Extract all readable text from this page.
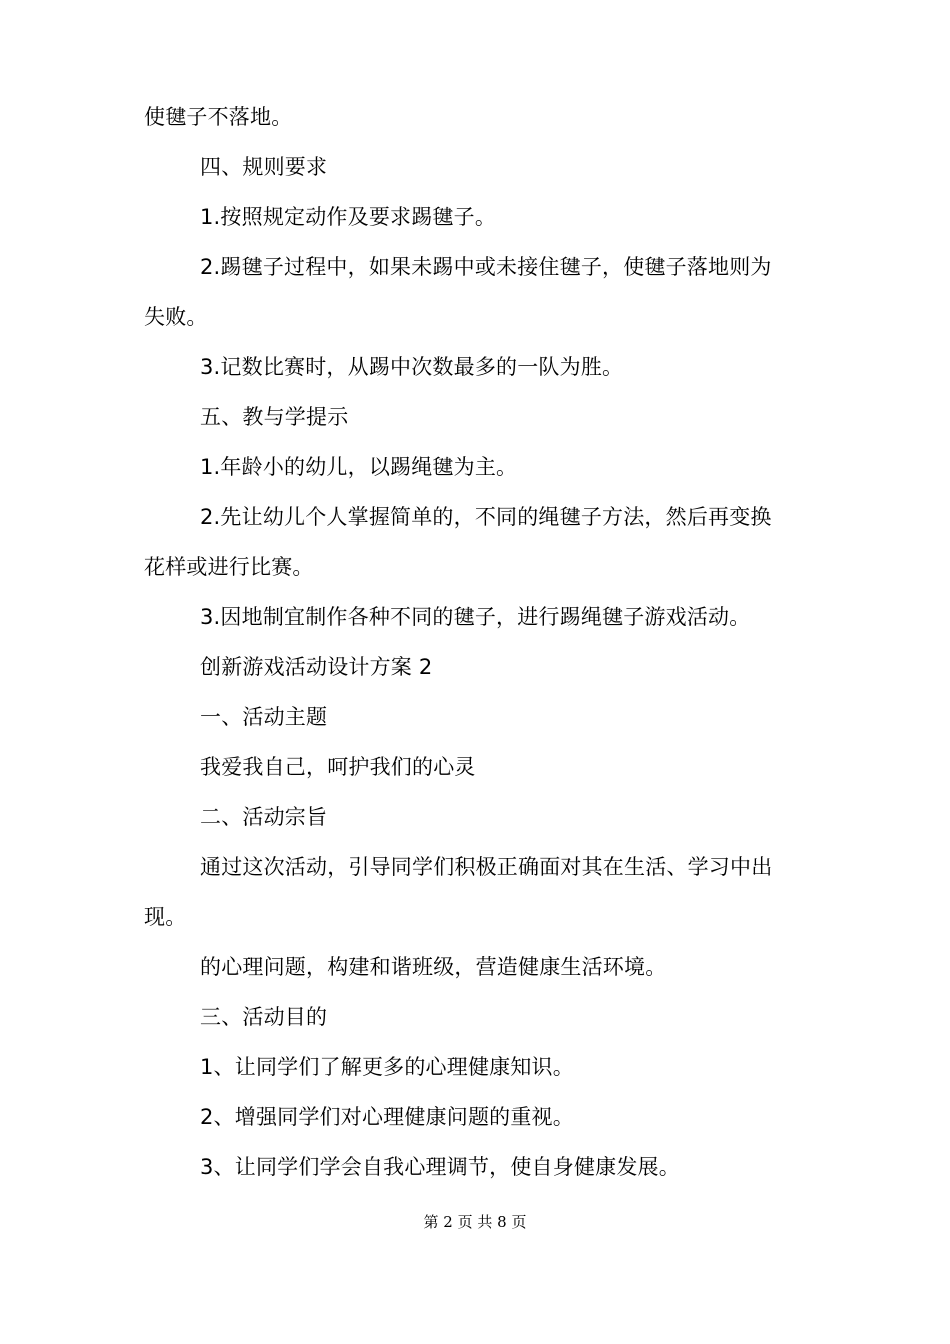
使毽子不落地。
四、规则要求
1.按照规定动作及要求踢毽子。
2.踢毽子过程中，如果未踢中或未接住毽子，使毽子落地则为
失败。
3.记数比赛时，从踢中次数最多的一队为胜。
五、教与学提示
1.年龄小的幼儿，以踢绳毽为主。
2.先让幼儿个人掌握简单的，不同的绳毽子方法，然后再变换
花样或进行比赛。
3.因地制宜制作各种不同的毽子，进行踢绳毽子游戏活动。
创新游戏活动设计方案 2
一、活动主题
我爱我自己，呵护我们的心灵
二、活动宗旨
通过这次活动，引导同学们积极正确面对其在生活、学习中出
现。
的心理问题，构建和谐班级，营造健康生活环境。
三、活动目的
1、让同学们了解更多的心理健康知识。
2、增强同学们对心理健康问题的重视。
3、让同学们学会自我心理调节，使自身健康发展。
第 2 页 共 8 页
